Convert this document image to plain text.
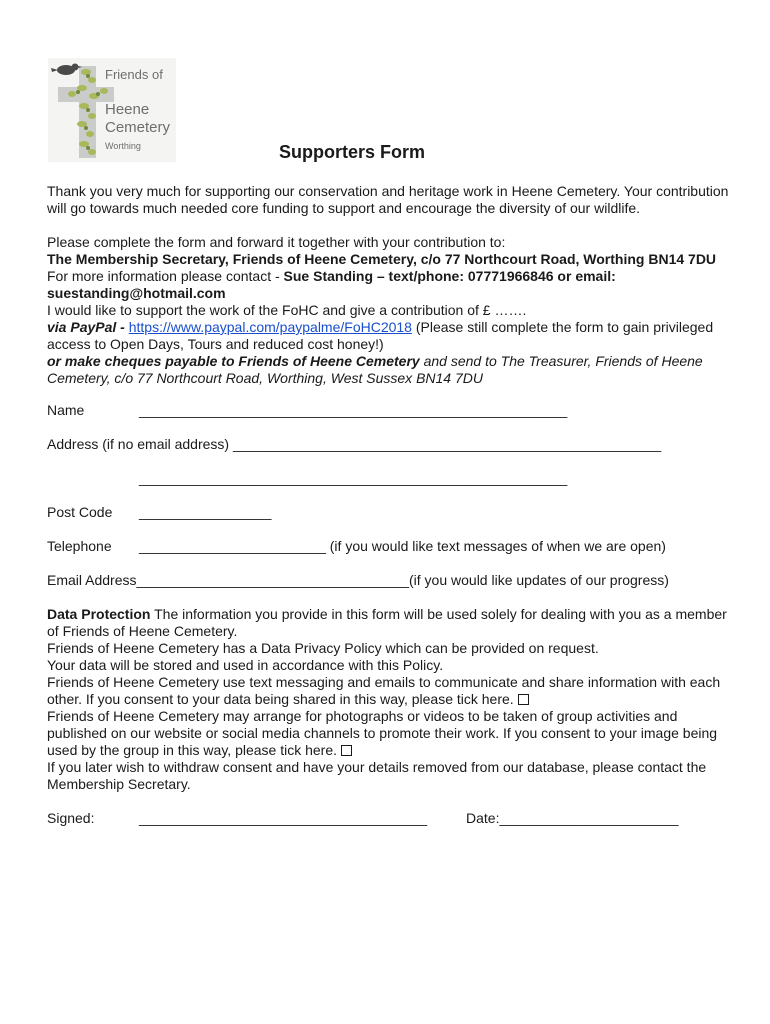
Friends of
Heene
Cemetery
Worthing	Supporters Form

Thank you very much for supporting our conservation and heritage work in Heene Cemetery. Your contribution will go towards much needed core funding to support and encourage the diversity of our wildlife.

Please complete the form and forward it together with your contribution to:

The Membership Secretary, Friends of Heene Cemetery, c/o 77 Northcourt Road, Worthing BN14 7DU

For more information please contact - Sue Standing – text/phone: 07771966846 or email: suestanding@hotmail.com

I would like to support the work of the FoHC and give a contribution of £ …….

via PayPal - https://www.paypal.com/paypalme/FoHC2018 (Please still complete the form to gain privileged access to Open Days, Tours and reduced cost honey!)

or make cheques payable to Friends of Heene Cemetery and send to The Treasurer, Friends of Heene Cemetery, c/o 77 Northcourt Road, Worthing, West Sussex BN14 7DU

Name	_______________________________________________________
Address (if no email address) _______________________________________________________
_______________________________________________________
Post Code _________________
Telephone ________________________ (if you would like text messages of when we are open)
Email Address___________________________________(if you would like updates of our progress)

Data Protection The information you provide in this form will be used solely for dealing with you as a member of Friends of Heene Cemetery.

Friends of Heene Cemetery has a Data Privacy Policy which can be provided on request.

Your data will be stored and used in accordance with this Policy.

Friends of Heene Cemetery use text messaging and emails to communicate and share information with each other. If you consent to your data being shared in this way, please tick here.

Friends of Heene Cemetery may arrange for photographs or videos to be taken of group activities and published on our website or social media channels to promote their work. If you consent to your image being used by the group in this way, please tick here.

If you later wish to withdraw consent and have your details removed from our database, please contact the Membership Secretary.

Signed:	_____________________________________	Date:_______________________
